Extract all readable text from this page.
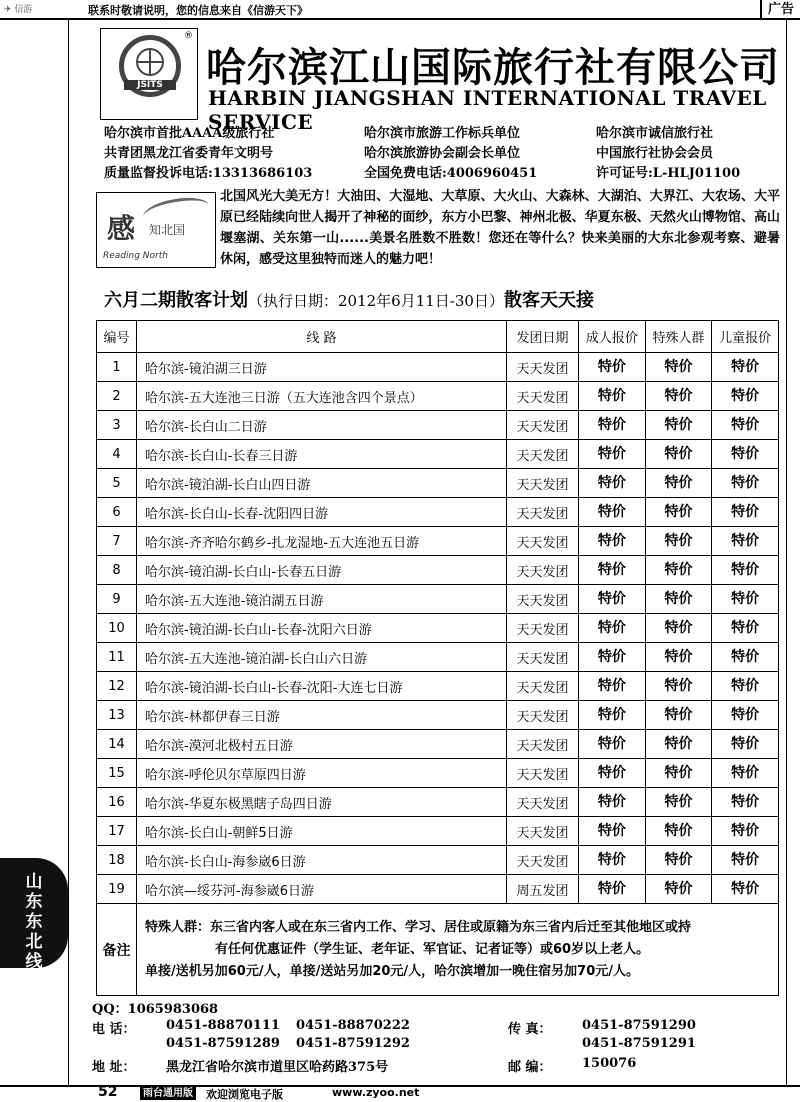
✈︎ 信游	联系时敬请说明，您的信息来自《信游天下》	广告
JSITS
®
哈尔滨江山国际旅行社有限公司
HARBIN JIANGSHAN INTERNATIONAL TRAVEL SERVICE
哈尔滨市首批AAAA级旅行社	哈尔滨市旅游工作标兵单位	哈尔滨市诚信旅行社
共青团黑龙江省委青年文明号	哈尔滨旅游协会副会长单位	中国旅行社协会会员
质量监督投诉电话:13313686103	全国免费电话:4006960451	许可证号:L-HLJ01100
感 知北国
Reading North
北国风光大美无方！大油田、大湿地、大草原、大火山、大森林、大湖泊、大界江、大农场、大平原已经陆续向世人揭开了神秘的面纱，东方小巴黎、神州北极、华夏东极、天然火山博物馆、高山堰塞湖、关东第一山......美景名胜数不胜数！您还在等什么？快来美丽的大东北参观考察、避暑休闲，感受这里独特而迷人的魅力吧！
六月二期散客计划（执行日期：2012年6月11日-30日）散客天天接
编号	线 路	发团日期	成人报价	特殊人群	儿童报价
1	哈尔滨-镜泊湖三日游	天天发团	特价	特价	特价
2	哈尔滨-五大连池三日游（五大连池含四个景点）	天天发团	特价	特价	特价
3	哈尔滨-长白山二日游	天天发团	特价	特价	特价
4	哈尔滨-长白山-长春三日游	天天发团	特价	特价	特价
5	哈尔滨-镜泊湖-长白山四日游	天天发团	特价	特价	特价
6	哈尔滨-长白山-长春-沈阳四日游	天天发团	特价	特价	特价
7	哈尔滨-齐齐哈尔鹤乡-扎龙湿地-五大连池五日游	天天发团	特价	特价	特价
8	哈尔滨-镜泊湖-长白山-长春五日游	天天发团	特价	特价	特价
9	哈尔滨-五大连池-镜泊湖五日游	天天发团	特价	特价	特价
10	哈尔滨-镜泊湖-长白山-长春-沈阳六日游	天天发团	特价	特价	特价
11	哈尔滨-五大连池-镜泊湖-长白山六日游	天天发团	特价	特价	特价
12	哈尔滨-镜泊湖-长白山-长春-沈阳-大连七日游	天天发团	特价	特价	特价
13	哈尔滨-林都伊春三日游	天天发团	特价	特价	特价
14	哈尔滨-漠河北极村五日游	天天发团	特价	特价	特价
15	哈尔滨-呼伦贝尔草原四日游	天天发团	特价	特价	特价
16	哈尔滨-华夏东极黑瞎子岛四日游	天天发团	特价	特价	特价
17	哈尔滨-长白山-朝鲜5日游	天天发团	特价	特价	特价
18	哈尔滨-长白山-海参崴6日游	天天发团	特价	特价	特价
19	哈尔滨—绥芬河-海参崴6日游	周五发团	特价	特价	特价
备注	特殊人群：东三省内客人或在东三省内工作、学习、居住或原籍为东三省内后迁至其他地区或持
有任何优惠证件（学生证、老年证、军官证、记者证等）或60岁以上老人。
单接/送机另加60元/人，单接/送站另加20元/人，哈尔滨增加一晚住宿另加70元/人。				
QQ：1065983068
电 话： 0451-88870111 0451-88870222
0451-87591289 0451-87591292
传 真： 0451-87591290
0451-87591291
地 址： 黑龙江省哈尔滨市道里区哈药路375号	邮 编： 150076
山东东北线
52	雨台通用版 欢迎浏览电子版	www.zyoo.net
